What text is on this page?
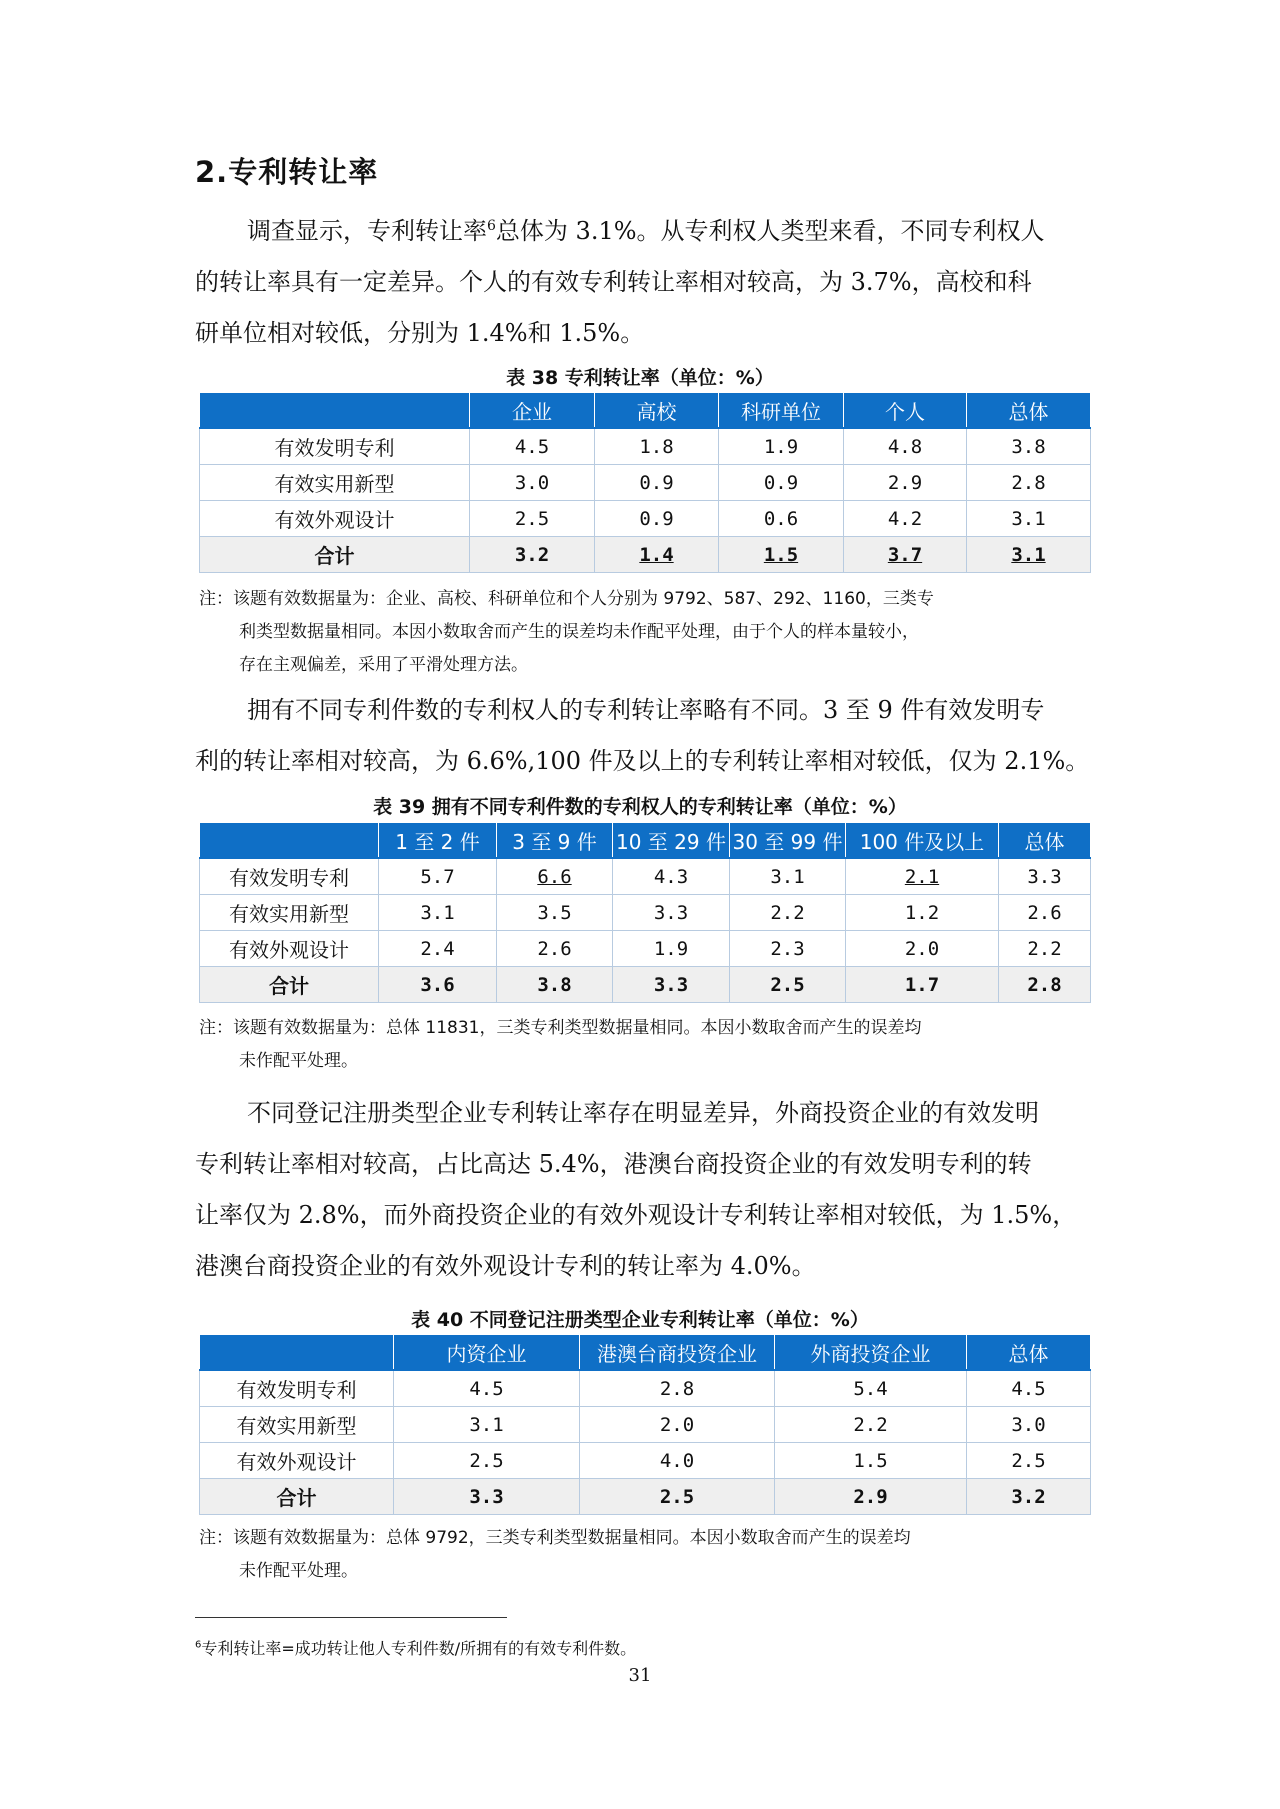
2.专利转让率
调查显示，专利转让率$^6$总体为 3.1%。从专利权人类型来看，不同专利权人
的转让率具有一定差异。个人的有效专利转让率相对较高，为 3.7%，高校和科
研单位相对较低，分别为 1.4%和 1.5%。
表 38 专利转让率（单位：%）
	企业	高校	科研单位	个人	总体
有效发明专利	4.5	1.8	1.9	4.8	3.8
有效实用新型	3.0	0.9	0.9	2.9	2.8
有效外观设计	2.5	0.9	0.6	4.2	3.1
合计	3.2	1.4	1.5	3.7	3.1
注：该题有效数据量为：企业、高校、科研单位和个人分别为 9792、587、292、1160，三类专
利类型数据量相同。本因小数取舍而产生的误差均未作配平处理，由于个人的样本量较小，
存在主观偏差，采用了平滑处理方法。
拥有不同专利件数的专利权人的专利转让率略有不同。3 至 9 件有效发明专
利的转让率相对较高，为 6.6%,100 件及以上的专利转让率相对较低，仅为 2.1%。
表 39 拥有不同专利件数的专利权人的专利转让率（单位：%）
	1 至 2 件	3 至 9 件	10 至 29 件	30 至 99 件	100 件及以上	总体
有效发明专利	5.7	6.6	4.3	3.1	2.1	3.3
有效实用新型	3.1	3.5	3.3	2.2	1.2	2.6
有效外观设计	2.4	2.6	1.9	2.3	2.0	2.2
合计	3.6	3.8	3.3	2.5	1.7	2.8
注：该题有效数据量为：总体 11831，三类专利类型数据量相同。本因小数取舍而产生的误差均
未作配平处理。
不同登记注册类型企业专利转让率存在明显差异，外商投资企业的有效发明
专利转让率相对较高，占比高达 5.4%，港澳台商投资企业的有效发明专利的转
让率仅为 2.8%，而外商投资企业的有效外观设计专利转让率相对较低，为 1.5%，
港澳台商投资企业的有效外观设计专利的转让率为 4.0%。
表 40 不同登记注册类型企业专利转让率（单位：%）
	内资企业	港澳台商投资企业	外商投资企业	总体
有效发明专利	4.5	2.8	5.4	4.5
有效实用新型	3.1	2.0	2.2	3.0
有效外观设计	2.5	4.0	1.5	2.5
合计	3.3	2.5	2.9	3.2
注：该题有效数据量为：总体 9792，三类专利类型数据量相同。本因小数取舍而产生的误差均
未作配平处理。
$^6$专利转让率=成功转让他人专利件数/所拥有的有效专利件数。
31
